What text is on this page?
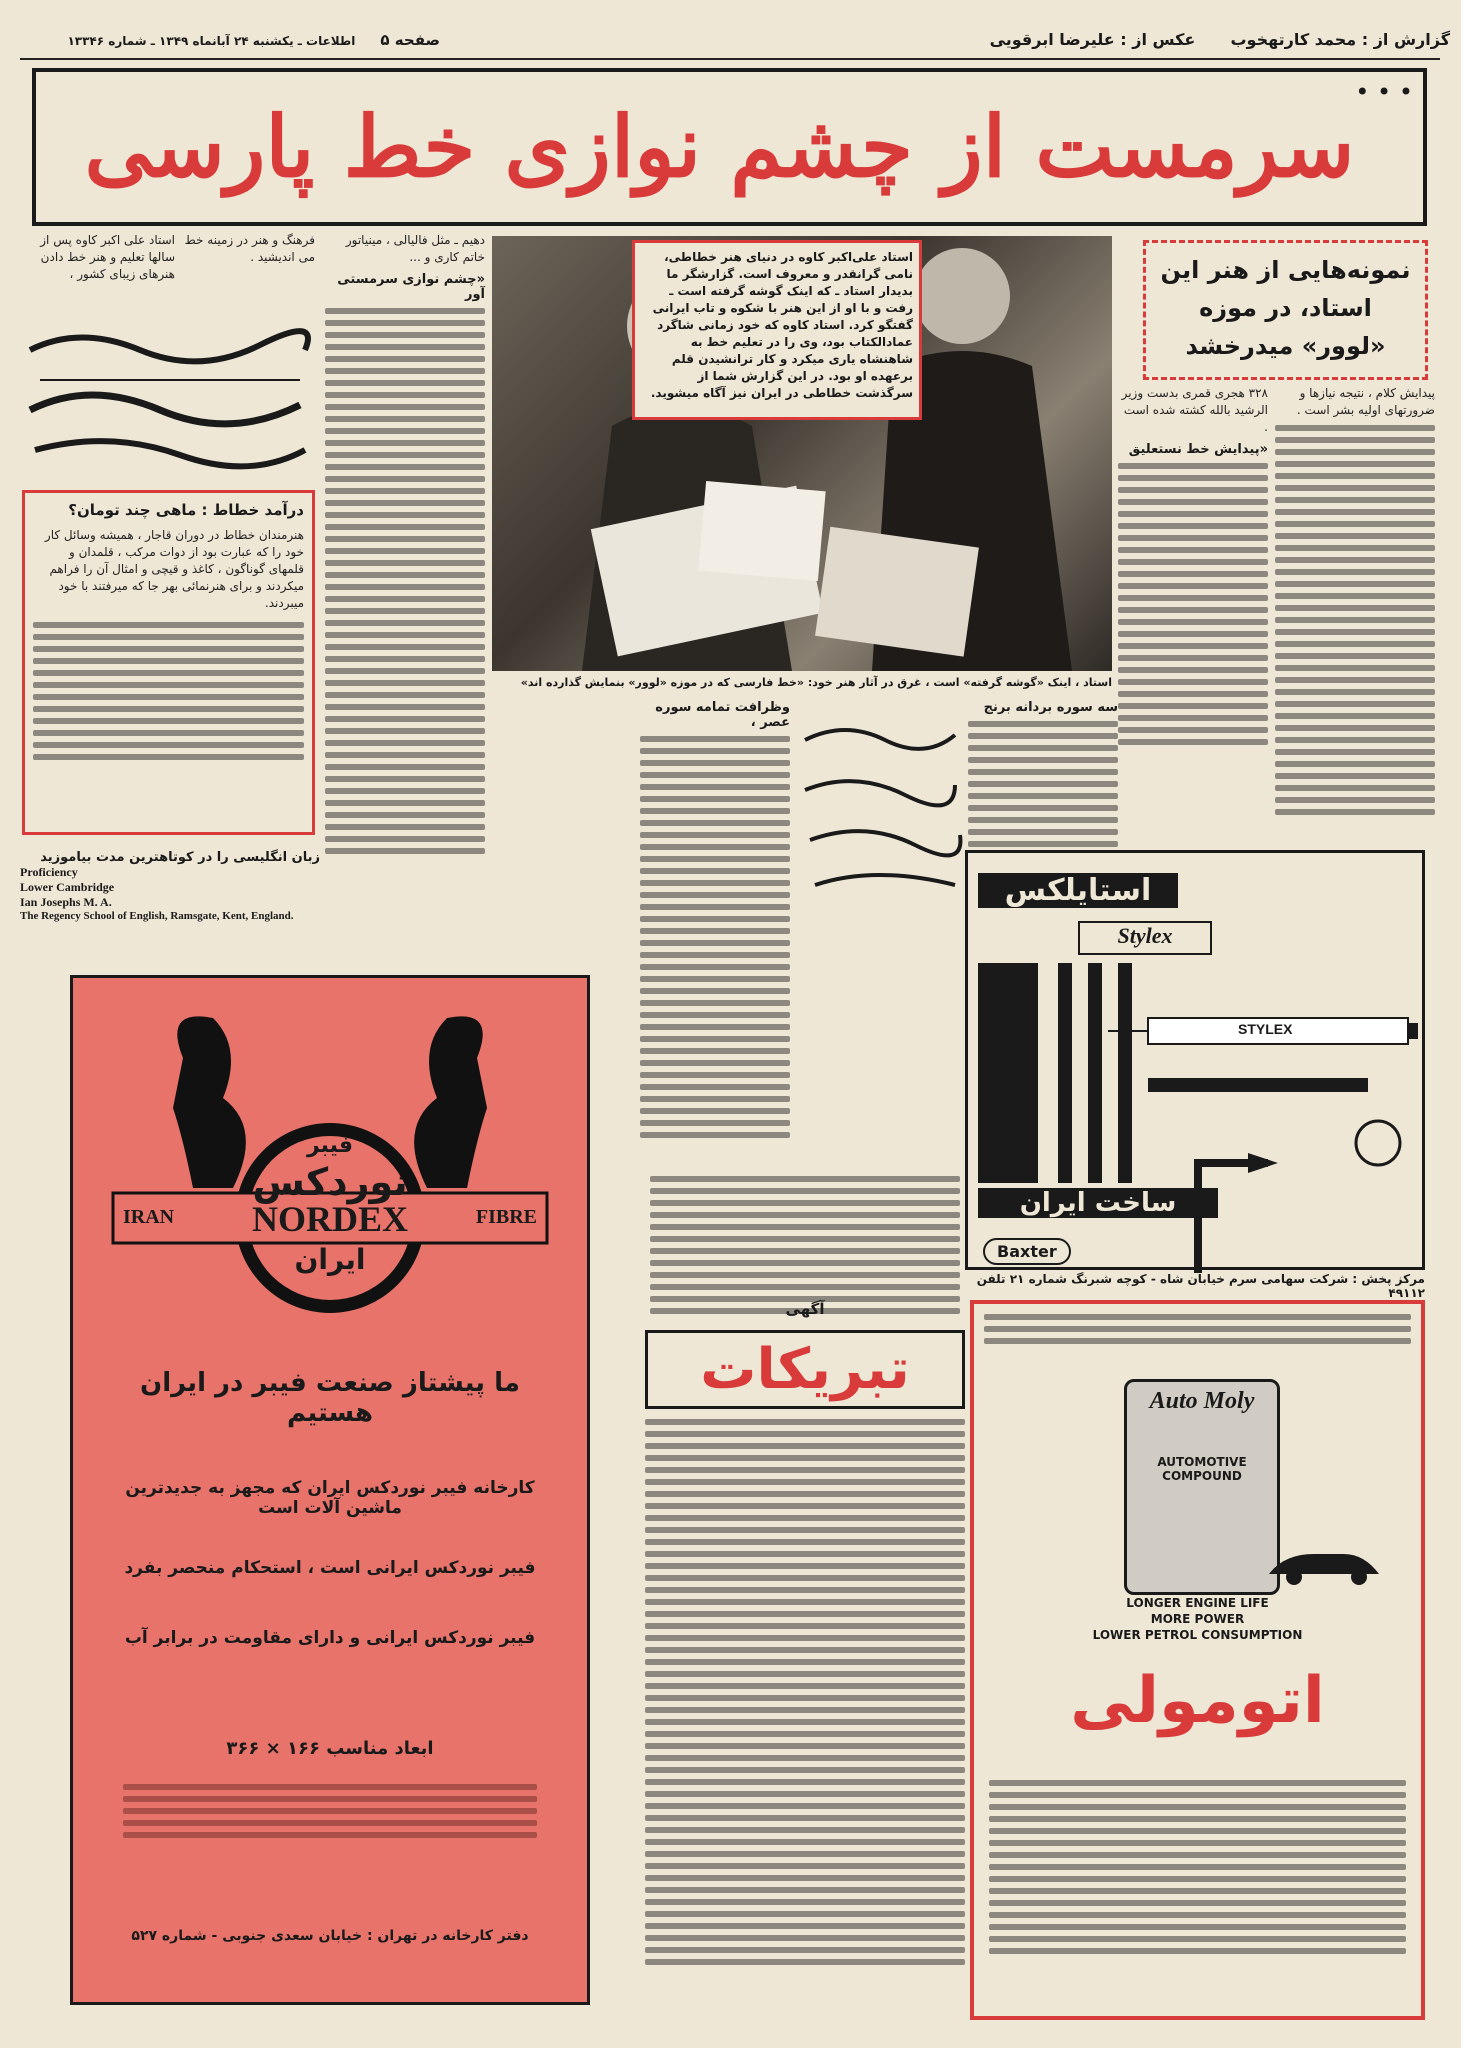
گزارش از : محمد کارتهخوب عکس از : علیرضا ابرقویی
صفحه ۵ اطلاعات ـ یکشنبه ۲۴ آبانماه ۱۳۴۹ ـ شماره ۱۳۳۴۶
• • •
سرمست از چشم نوازی خط پارسی
استاد علی اکبر کاوه پس از سالها تعلیم و هنر خط دادن هنرهای زیبای کشور ،
فرهنگ و هنر در زمینه خط می اندیشید .
درآمد خطاط : ماهی چند تومان؟
هنرمندان خطاط در دوران قاجار ، همیشه وسائل کار خود را که عبارت بود از دوات مرکب ، قلمدان و قلمهای گوناگون ، کاغذ و قیچی و امثال آن را فراهم میکردند و برای هنرنمائی بهر جا که میرفتند با خود میبردند.
زبان انگلیسی را در کوتاهترین مدت بیاموزید
Proficiency
Lower Cambridge
Ian Josephs M. A.
The Regency School of English, Ramsgate, Kent, England.
دهیم ـ مثل فالیالی ، مینیاتور خاتم کاری و ...
«چشم نوازی سرمستی آور
استاد علی‌اکبر کاوه در دنیای هنر خطاطی، نامی گرانقدر و معروف است. گزارشگر ما بدیدار استاد ـ که اینک گوشه گرفته است ـ رفت و با او از این هنر با شکوه و تاب ایرانی گفتگو کرد. استاد کاوه که خود زمانی شاگرد عمادالکتاب بود، وی را در تعلیم خط به شاهنشاه یاری میکرد و کار ترانشیدن قلم برعهده او بود. در این گزارش شما از سرگذشت خطاطی در ایران نیز آگاه میشوید.
استاد ، اینک «گوشه گرفته» است ، غرق در آثار هنر خود: «خط فارسی که در موزه «لوور» بنمایش گذارده اند»
نمونه‌هایی از هنر این استاد، در موزه «لوور» میدرخشد
۳۲۸ هجری قمری بدست وزیر الرشید بالله کشته شده است .
«پیدایش خط نستعلیق
پیدایش کلام ، نتیجه نیازها و ضرورتهای اولیه بشر است .
وظرافت تمامه سوره عصر ،
سه سوره بردانه برنج
فیبر
نوردکس
NORDEX
IRAN	FIBRE
ایران
ما پیشتاز صنعت فیبر در ایران هستیم
کارخانه فیبر نوردکس ایران که مجهز به جدیدترین ماشین آلات است
فیبر نوردکس ایرانی است ، استحکام منحصر بفرد
فیبر نوردکس ایرانی و دارای مقاومت در برابر آب
ابعاد مناسب ۱۶۶ × ۳۶۶
دفتر کارخانه در تهران : خیابان سعدی جنوبی - شماره ۵۲۷
آگهی
تبریکات
استایلکس
Stylex
STYLEX
ساخت ایران
Baxter
مرکز پخش : شرکت سهامی سرم خیابان شاه - کوچه شبرنگ شماره ۲۱ تلفن ۴۹۱۱۲
Auto Moly
AUTOMOTIVE COMPOUND
LONGER ENGINE LIFE
MORE POWER
LOWER PETROL CONSUMPTION
اتومولی
